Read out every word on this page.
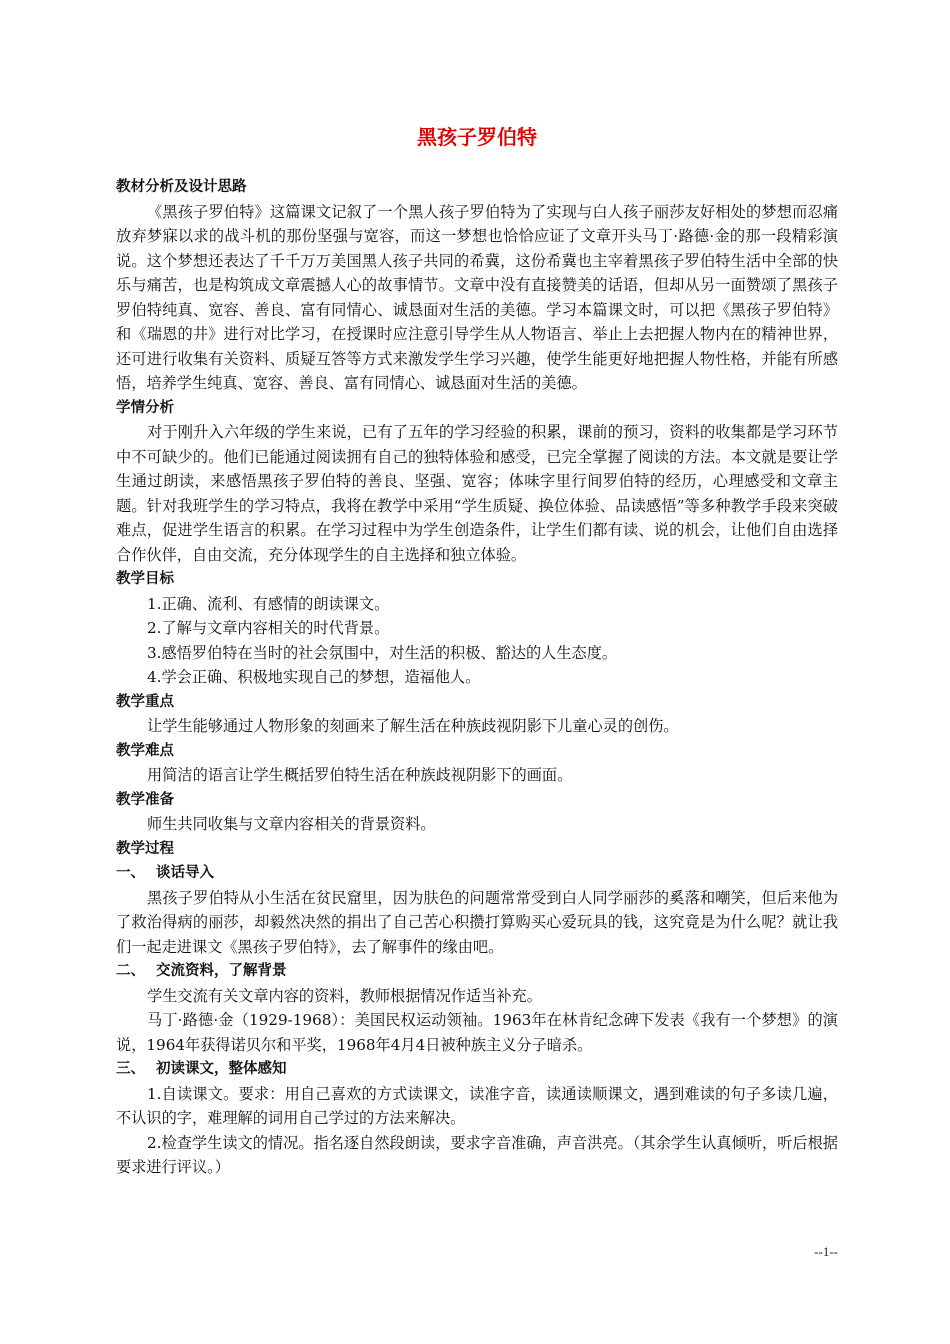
黑孩子罗伯特

教材分析及设计思路

《黑孩子罗伯特》这篇课文记叙了一个黑人孩子罗伯特为了实现与白人孩子丽莎友好相处的梦想而忍痛放弃梦寐以求的战斗机的那份坚强与宽容，而这一梦想也恰恰应证了文章开头马丁·路德·金的那一段精彩演说。这个梦想还表达了千千万万美国黑人孩子共同的希冀，这份希冀也主宰着黑孩子罗伯特生活中全部的快乐与痛苦，也是构筑成文章震撼人心的故事情节。文章中没有直接赞美的话语，但却从另一面赞颂了黑孩子罗伯特纯真、宽容、善良、富有同情心、诚恳面对生活的美德。学习本篇课文时，可以把《黑孩子罗伯特》和《瑞恩的井》进行对比学习，在授课时应注意引导学生从人物语言、举止上去把握人物内在的精神世界，还可进行收集有关资料、质疑互答等方式来激发学生学习兴趣，使学生能更好地把握人物性格，并能有所感悟，培养学生纯真、宽容、善良、富有同情心、诚恳面对生活的美德。

学情分析

对于刚升入六年级的学生来说，已有了五年的学习经验的积累，课前的预习，资料的收集都是学习环节中不可缺少的。他们已能通过阅读拥有自己的独特体验和感受，已完全掌握了阅读的方法。本文就是要让学生通过朗读，来感悟黑孩子罗伯特的善良、坚强、宽容；体味字里行间罗伯特的经历，心理感受和文章主题。针对我班学生的学习特点，我将在教学中采用“学生质疑、换位体验、品读感悟”等多种教学手段来突破难点，促进学生语言的积累。在学习过程中为学生创造条件，让学生们都有读、说的机会，让他们自由选择合作伙伴，自由交流，充分体现学生的自主选择和独立体验。

教学目标

1.正确、流利、有感情的朗读课文。

2.了解与文章内容相关的时代背景。

3.感悟罗伯特在当时的社会氛围中，对生活的积极、豁达的人生态度。

4.学会正确、积极地实现自己的梦想，造福他人。

教学重点

让学生能够通过人物形象的刻画来了解生活在种族歧视阴影下儿童心灵的创伤。

教学难点

用简洁的语言让学生概括罗伯特生活在种族歧视阴影下的画面。

教学准备

师生共同收集与文章内容相关的背景资料。

教学过程

一、 谈话导入

黑孩子罗伯特从小生活在贫民窟里，因为肤色的问题常常受到白人同学丽莎的奚落和嘲笑，但后来他为了救治得病的丽莎，却毅然决然的捐出了自己苦心积攒打算购买心爱玩具的钱，这究竟是为什么呢？就让我们一起走进课文《黑孩子罗伯特》，去了解事件的缘由吧。

二、 交流资料，了解背景

学生交流有关文章内容的资料，教师根据情况作适当补充。

马丁·路德·金（1929-1968）：美国民权运动领袖。1963年在林肯纪念碑下发表《我有一个梦想》的演说，1964年获得诺贝尔和平奖，1968年4月4日被种族主义分子暗杀。

三、 初读课文，整体感知

1.自读课文。要求：用自己喜欢的方式读课文，读准字音，读通读顺课文，遇到难读的句子多读几遍，不认识的字，难理解的词用自己学过的方法来解决。

2.检查学生读文的情况。指名逐自然段朗读，要求字音准确，声音洪亮。（其余学生认真倾听，听后根据要求进行评议。）

--1--
